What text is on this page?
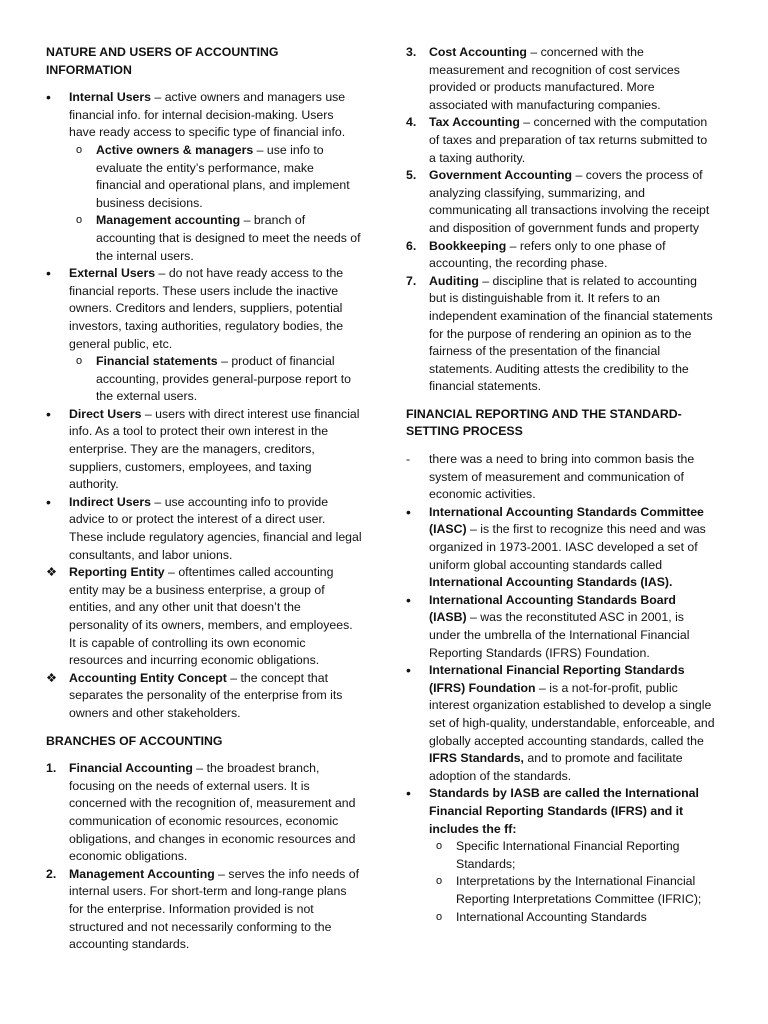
NATURE AND USERS OF ACCOUNTING INFORMATION

•	Internal Users – active owners and managers use financial info. for internal decision-making. Users have ready access to specific type of financial info.

o	Active owners & managers – use info to evaluate the entity’s performance, make financial and operational plans, and implement business decisions.

o	Management accounting – branch of accounting that is designed to meet the needs of the internal users.

•	External Users – do not have ready access to the financial reports. These users include the inactive owners. Creditors and lenders, suppliers, potential investors, taxing authorities, regulatory bodies, the general public, etc.

o	Financial statements – product of financial accounting, provides general-purpose report to the external users.

•	Direct Users – users with direct interest use financial info. As a tool to protect their own interest in the enterprise. They are the managers, creditors, suppliers, customers, employees, and taxing authority.

•	Indirect Users – use accounting info to provide advice to or protect the interest of a direct user. These include regulatory agencies, financial and legal consultants, and labor unions.

❖ Reporting Entity – oftentimes called accounting entity may be a business enterprise, a group of entities, and any other unit that doesn’t the personality of its owners, members, and employees. It is capable of controlling its own economic resources and incurring economic obligations.

❖ Accounting Entity Concept – the concept that separates the personality of the enterprise from its owners and other stakeholders.

BRANCHES OF ACCOUNTING

1.	Financial Accounting – the broadest branch, focusing on the needs of external users. It is concerned with the recognition of, measurement and communication of economic resources, economic obligations, and changes in economic resources and economic obligations.

2.	Management Accounting – serves the info needs of internal users. For short-term and long-range plans for the enterprise. Information provided is not structured and not necessarily conforming to the accounting standards.

3.	Cost Accounting – concerned with the measurement and recognition of cost services provided or products manufactured. More associated with manufacturing companies.

4.	Tax Accounting – concerned with the computation of taxes and preparation of tax returns submitted to a taxing authority.

5.	Government Accounting – covers the process of analyzing classifying, summarizing, and communicating all transactions involving the receipt and disposition of government funds and property

6.	Bookkeeping – refers only to one phase of accounting, the recording phase.

7.	Auditing – discipline that is related to accounting but is distinguishable from it. It refers to an independent examination of the financial statements for the purpose of rendering an opinion as to the fairness of the presentation of the financial statements. Auditing attests the credibility to the financial statements.

FINANCIAL REPORTING AND THE STANDARD-SETTING PROCESS

-	there was a need to bring into common basis the system of measurement and communication of economic activities.

•	International Accounting Standards Committee (IASC) – is the first to recognize this need and was organized in 1973-2001. IASC developed a set of uniform global accounting standards called International Accounting Standards (IAS).

•	International Accounting Standards Board (IASB) – was the reconstituted ASC in 2001, is under the umbrella of the International Financial Reporting Standards (IFRS) Foundation.

•	International Financial Reporting Standards (IFRS) Foundation – is a not-for-profit, public interest organization established to develop a single set of high-quality, understandable, enforceable, and globally accepted accounting standards, called the IFRS Standards, and to promote and facilitate adoption of the standards.

•	Standards by IASB are called the International Financial Reporting Standards (IFRS) and it includes the ff:

o	Specific International Financial Reporting Standards;

o	Interpretations by the International Financial Reporting Interpretations Committee (IFRIC);

o	International Accounting Standards
